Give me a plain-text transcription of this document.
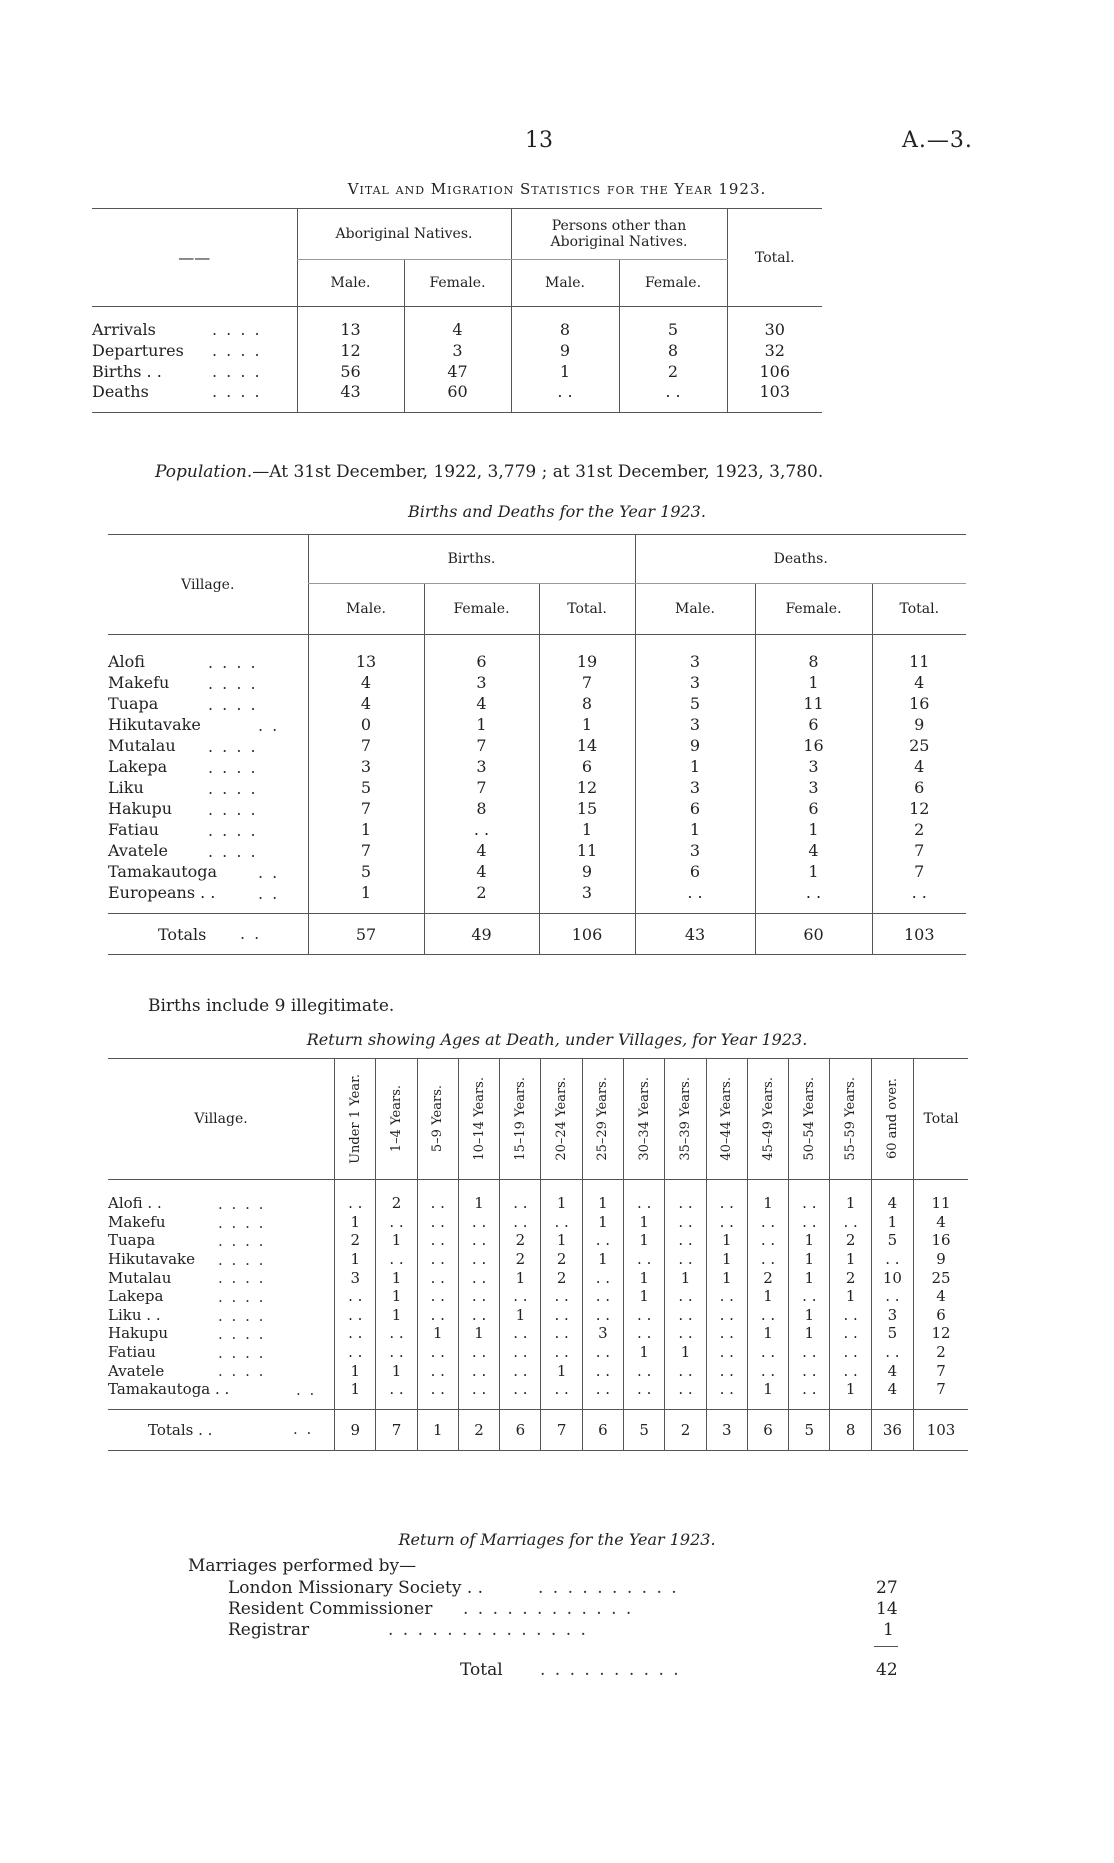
13	A.—3.
Vital and Migration Statistics for the Year 1923.
——	Aboriginal Natives.		Persons other than Aboriginal Natives.		Total.
	Male.	Female.	Male.	Female.	

Arrivals . . . .	13	4	8	5	30
Departures . . . .	12	3	9	8	32
Births . . . . . .	56	47	1	2	106
Deaths . . . .	43	60	. .	. .	103
Population.—At 31st December, 1922, 3,779 ; at 31st December, 1923, 3,780.
Births and Deaths for the Year 1923.
Village.	Births.			Deaths.		
	Male.	Female.	Total.	Male.	Female.	Total.

Alofi . . . .	13	6	19	3	8	11
Makefu . . . .	4	3	7	3	1	4
Tuapa . . . .	4	4	8	5	11	16
Hikutavake . .	0	1	1	3	6	9
Mutalau . . . .	7	7	14	9	16	25
Lakepa . . . .	3	3	6	1	3	4
Liku . . . .	5	7	12	3	3	6
Hakupu . . . .	7	8	15	6	6	12
Fatiau . . . .	1	. .	1	1	1	2
Avatele . . . .	7	4	11	3	4	7
Tamakautoga . .	5	4	9	6	1	7
Europeans . . . .	1	2	3	. .	. .	. .

Totals . .	57	49	106	43	60	103
Births include 9 illegitimate.
Return showing Ages at Death, under Villages, for Year 1923.
Village.	Under 1 Year.	1–4 Years.	5–9 Years.	10–14 Years.	15–19 Years.	20–24 Years.	25–29 Years.	30–34 Years.	35–39 Years.	40–44 Years.	45–49 Years.	50–54 Years.	55–59 Years.	60 and over.	Total

Alofi . . . . . .	. .	2	. .	1	. .	1	1	. .	. .	. .	1	. .	1	4	11
Makefu . . . .	1	. .	. .	. .	. .	. .	1	1	. .	. .	. .	. .	. .	1	4
Tuapa . . . .	2	1	. .	. .	2	1	. .	1	. .	1	. .	1	2	5	16
Hikutavake . . . .	1	. .	. .	. .	2	2	1	. .	. .	1	. .	1	1	. .	9
Mutalau . . . .	3	1	. .	. .	1	2	. .	1	1	1	2	1	2	10	25
Lakepa . . . .	. .	1	. .	. .	. .	. .	. .	1	. .	. .	1	. .	1	. .	4
Liku . . . . . .	. .	1	. .	. .	1	. .	. .	. .	. .	. .	. .	1	. .	3	6
Hakupu . . . .	. .	. .	1	1	. .	. .	3	. .	. .	. .	1	1	. .	5	12
Fatiau . . . .	. .	. .	. .	. .	. .	. .	. .	1	1	. .	. .	. .	. .	. .	2
Avatele . . . .	1	1	. .	. .	. .	1	. .	. .	. .	. .	. .	. .	. .	4	7
Tamakautoga . . . .	1	. .	. .	. .	. .	. .	. .	. .	. .	. .	1	. .	1	4	7

Totals . . . .	9	7	1	2	6	7	6	5	2	3	6	5	8	36	103
Return of Marriages for the Year 1923.
Marriages performed by—
London Missionary Society . .	. . . . . . . . . .	27
Resident Commissioner . . . . . . . . . . . .	14
Registrar	. . . . . . . . . . . . . .	1
Total . . . . . . . . . .	42
